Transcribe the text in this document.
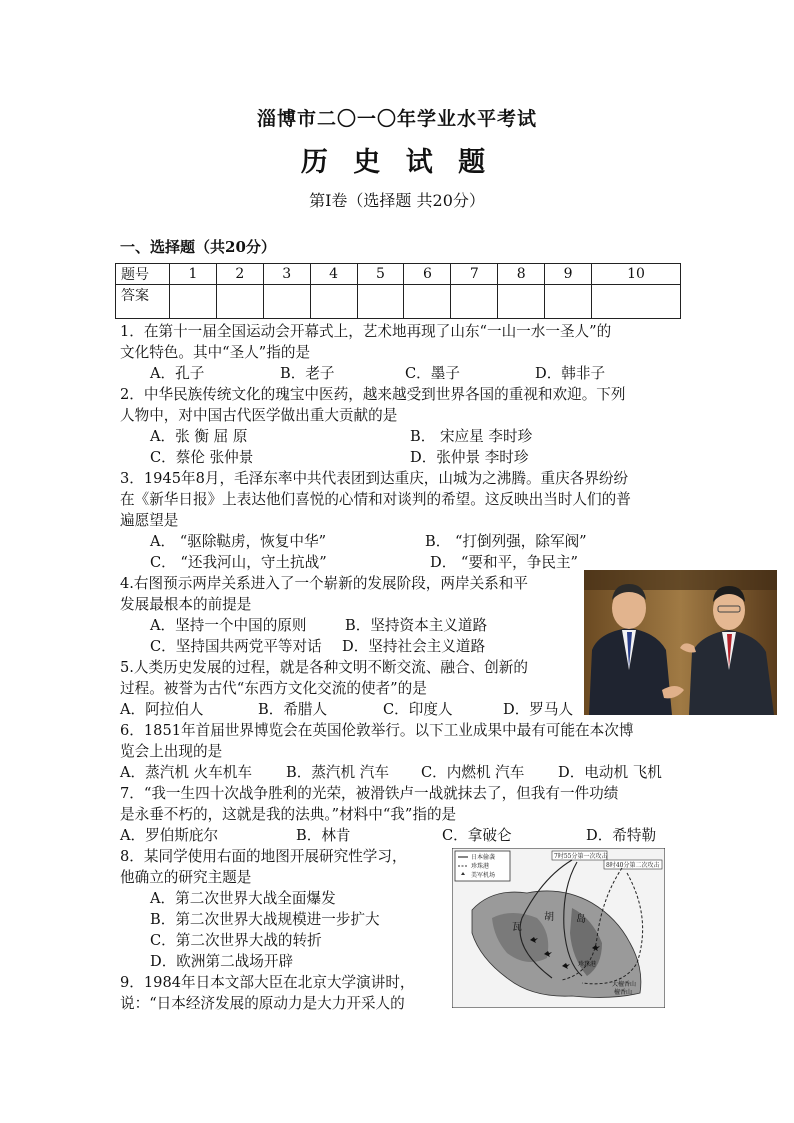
淄博市二〇一〇年学业水平考试
历 史 试 题
第Ⅰ卷（选择题 共20分）
一、选择题（共20分）
题号	1	2	3	4	5	6	7	8	9	10
答案										
1．在第十一届全国运动会开幕式上，艺术地再现了山东“一山一水一圣人”的
文化特色。其中“圣人”指的是
A．孔子	B．老子	C．墨子	D．韩非子
2．中华民族传统文化的瑰宝中医药，越来越受到世界各国的重视和欢迎。下列
人物中，对中国古代医学做出重大贡献的是
A．张 衡 屈 原	B． 宋应星 李时珍
C．蔡伦 张仲景	D．张仲景 李时珍
3．1945年8月，毛泽东率中共代表团到达重庆，山城为之沸腾。重庆各界纷纷
在《新华日报》上表达他们喜悦的心情和对谈判的希望。这反映出当时人们的普
遍愿望是
A． “驱除鞑虏，恢复中华”	B． “打倒列强，除军阀”
C． “还我河山，守土抗战”	D． “要和平，争民主”
4.右图预示两岸关系进入了一个崭新的发展阶段，两岸关系和平
发展最根本的前提是
A．坚持一个中国的原则	B．坚持资本主义道路
C．坚持国共两党平等对话 D．坚持社会主义道路
5.人类历史发展的过程，就是各种文明不断交流、融合、创新的
过程。被誉为古代“东西方文化交流的使者”的是
A．阿拉伯人	B．希腊人	C．印度人	D．罗马人
6．1851年首届世界博览会在英国伦敦举行。以下工业成果中最有可能在本次博
览会上出现的是
A．蒸汽机 火车机车 B．蒸汽机 汽车 C．内燃机 汽车 D．电动机 飞机
7．“我一生四十次战争胜利的光荣，被滑铁卢一战就抹去了，但我有一件功绩
是永垂不朽的，这就是我的法典。”材料中“我”指的是
A．罗伯斯庇尔	B．林肯	C．拿破仑	D．希特勒
8．某同学使用右面的地图开展研究性学习，
他确立的研究主题是
A．第二次世界大战全面爆发
B．第二次世界大战规模进一步扩大
C．第二次世界大战的转折
D．欧洲第二战场开辟
9．1984年日本文部大臣在北京大学演讲时，
说：“日本经济发展的原动力是大力开采人的
日本偷袭
珍珠港
美军机场
7时55分第一次攻击
8时40分第二次攻击
瓦
胡 岛
珍珠港
大檀香山
檀香山
